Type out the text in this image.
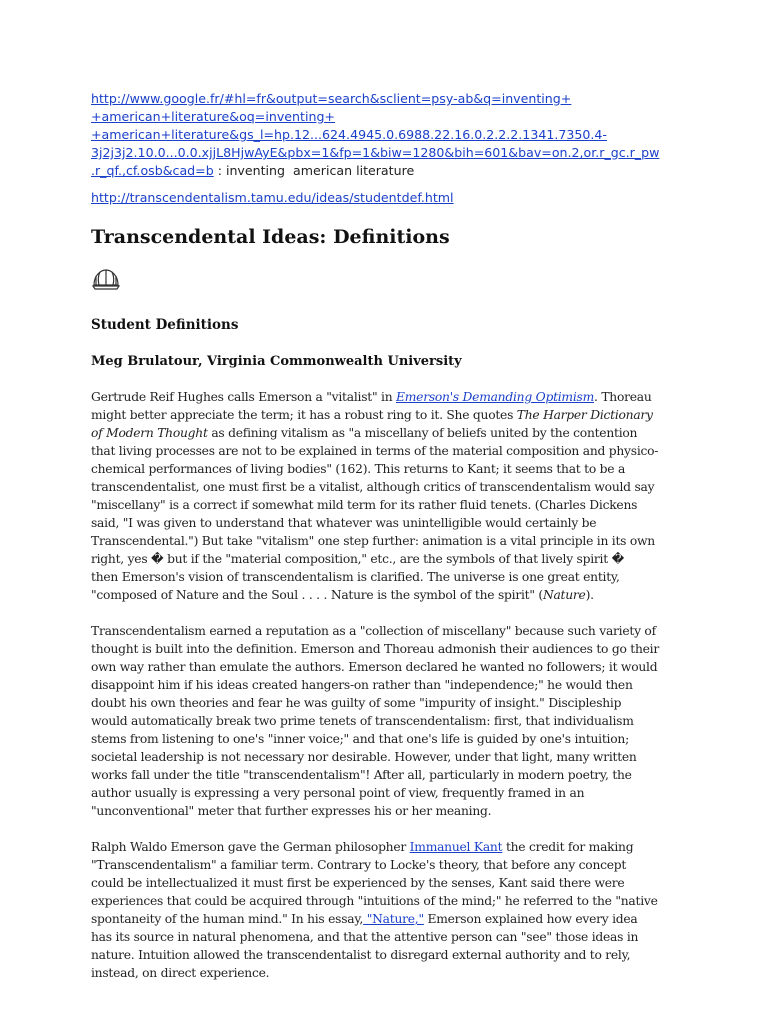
http://www.google.fr/#hl=fr&output=search&sclient=psy-ab&q=inventing+
+american+literature&oq=inventing+
+american+literature&gs_l=hp.12...624.4945.0.6988.22.16.0.2.2.2.1341.7350.4-
3j2j3j2.10.0...0.0.xjjL8HjwAyE&pbx=1&fp=1&biw=1280&bih=601&bav=on.2,or.r_gc.r_pw
.r_qf.,cf.osb&cad=b : inventing  american literature
http://transcendentalism.tamu.edu/ideas/studentdef.html
Transcendental Ideas: Definitions
Student Definitions
Meg Brulatour, Virginia Commonwealth University
Gertrude Reif Hughes calls Emerson a "vitalist" in Emerson's Demanding Optimism. Thoreau
might better appreciate the term; it has a robust ring to it. She quotes The Harper Dictionary
of Modern Thought as defining vitalism as "a miscellany of beliefs united by the contention
that living processes are not to be explained in terms of the material composition and physico-
chemical performances of living bodies" (162). This returns to Kant; it seems that to be a
transcendentalist, one must first be a vitalist, although critics of transcendentalism would say
"miscellany" is a correct if somewhat mild term for its rather fluid tenets. (Charles Dickens
said, "I was given to understand that whatever was unintelligible would certainly be
Transcendental.") But take "vitalism" one step further: animation is a vital principle in its own
right, yes � but if the "material composition," etc., are the symbols of that lively spirit �
then Emerson's vision of transcendentalism is clarified. The universe is one great entity,
"composed of Nature and the Soul . . . . Nature is the symbol of the spirit" (Nature).
Transcendentalism earned a reputation as a "collection of miscellany" because such variety of
thought is built into the definition. Emerson and Thoreau admonish their audiences to go their
own way rather than emulate the authors. Emerson declared he wanted no followers; it would
disappoint him if his ideas created hangers-on rather than "independence;" he would then
doubt his own theories and fear he was guilty of some "impurity of insight." Discipleship
would automatically break two prime tenets of transcendentalism: first, that individualism
stems from listening to one's "inner voice;" and that one's life is guided by one's intuition;
societal leadership is not necessary nor desirable. However, under that light, many written
works fall under the title "transcendentalism"! After all, particularly in modern poetry, the
author usually is expressing a very personal point of view, frequently framed in an
"unconventional" meter that further expresses his or her meaning.
Ralph Waldo Emerson gave the German philosopher Immanuel Kant the credit for making
"Transcendentalism" a familiar term. Contrary to Locke's theory, that before any concept
could be intellectualized it must first be experienced by the senses, Kant said there were
experiences that could be acquired through "intuitions of the mind;" he referred to the "native
spontaneity of the human mind." In his essay, "Nature," Emerson explained how every idea
has its source in natural phenomena, and that the attentive person can "see" those ideas in
nature. Intuition allowed the transcendentalist to disregard external authority and to rely,
instead, on direct experience.
